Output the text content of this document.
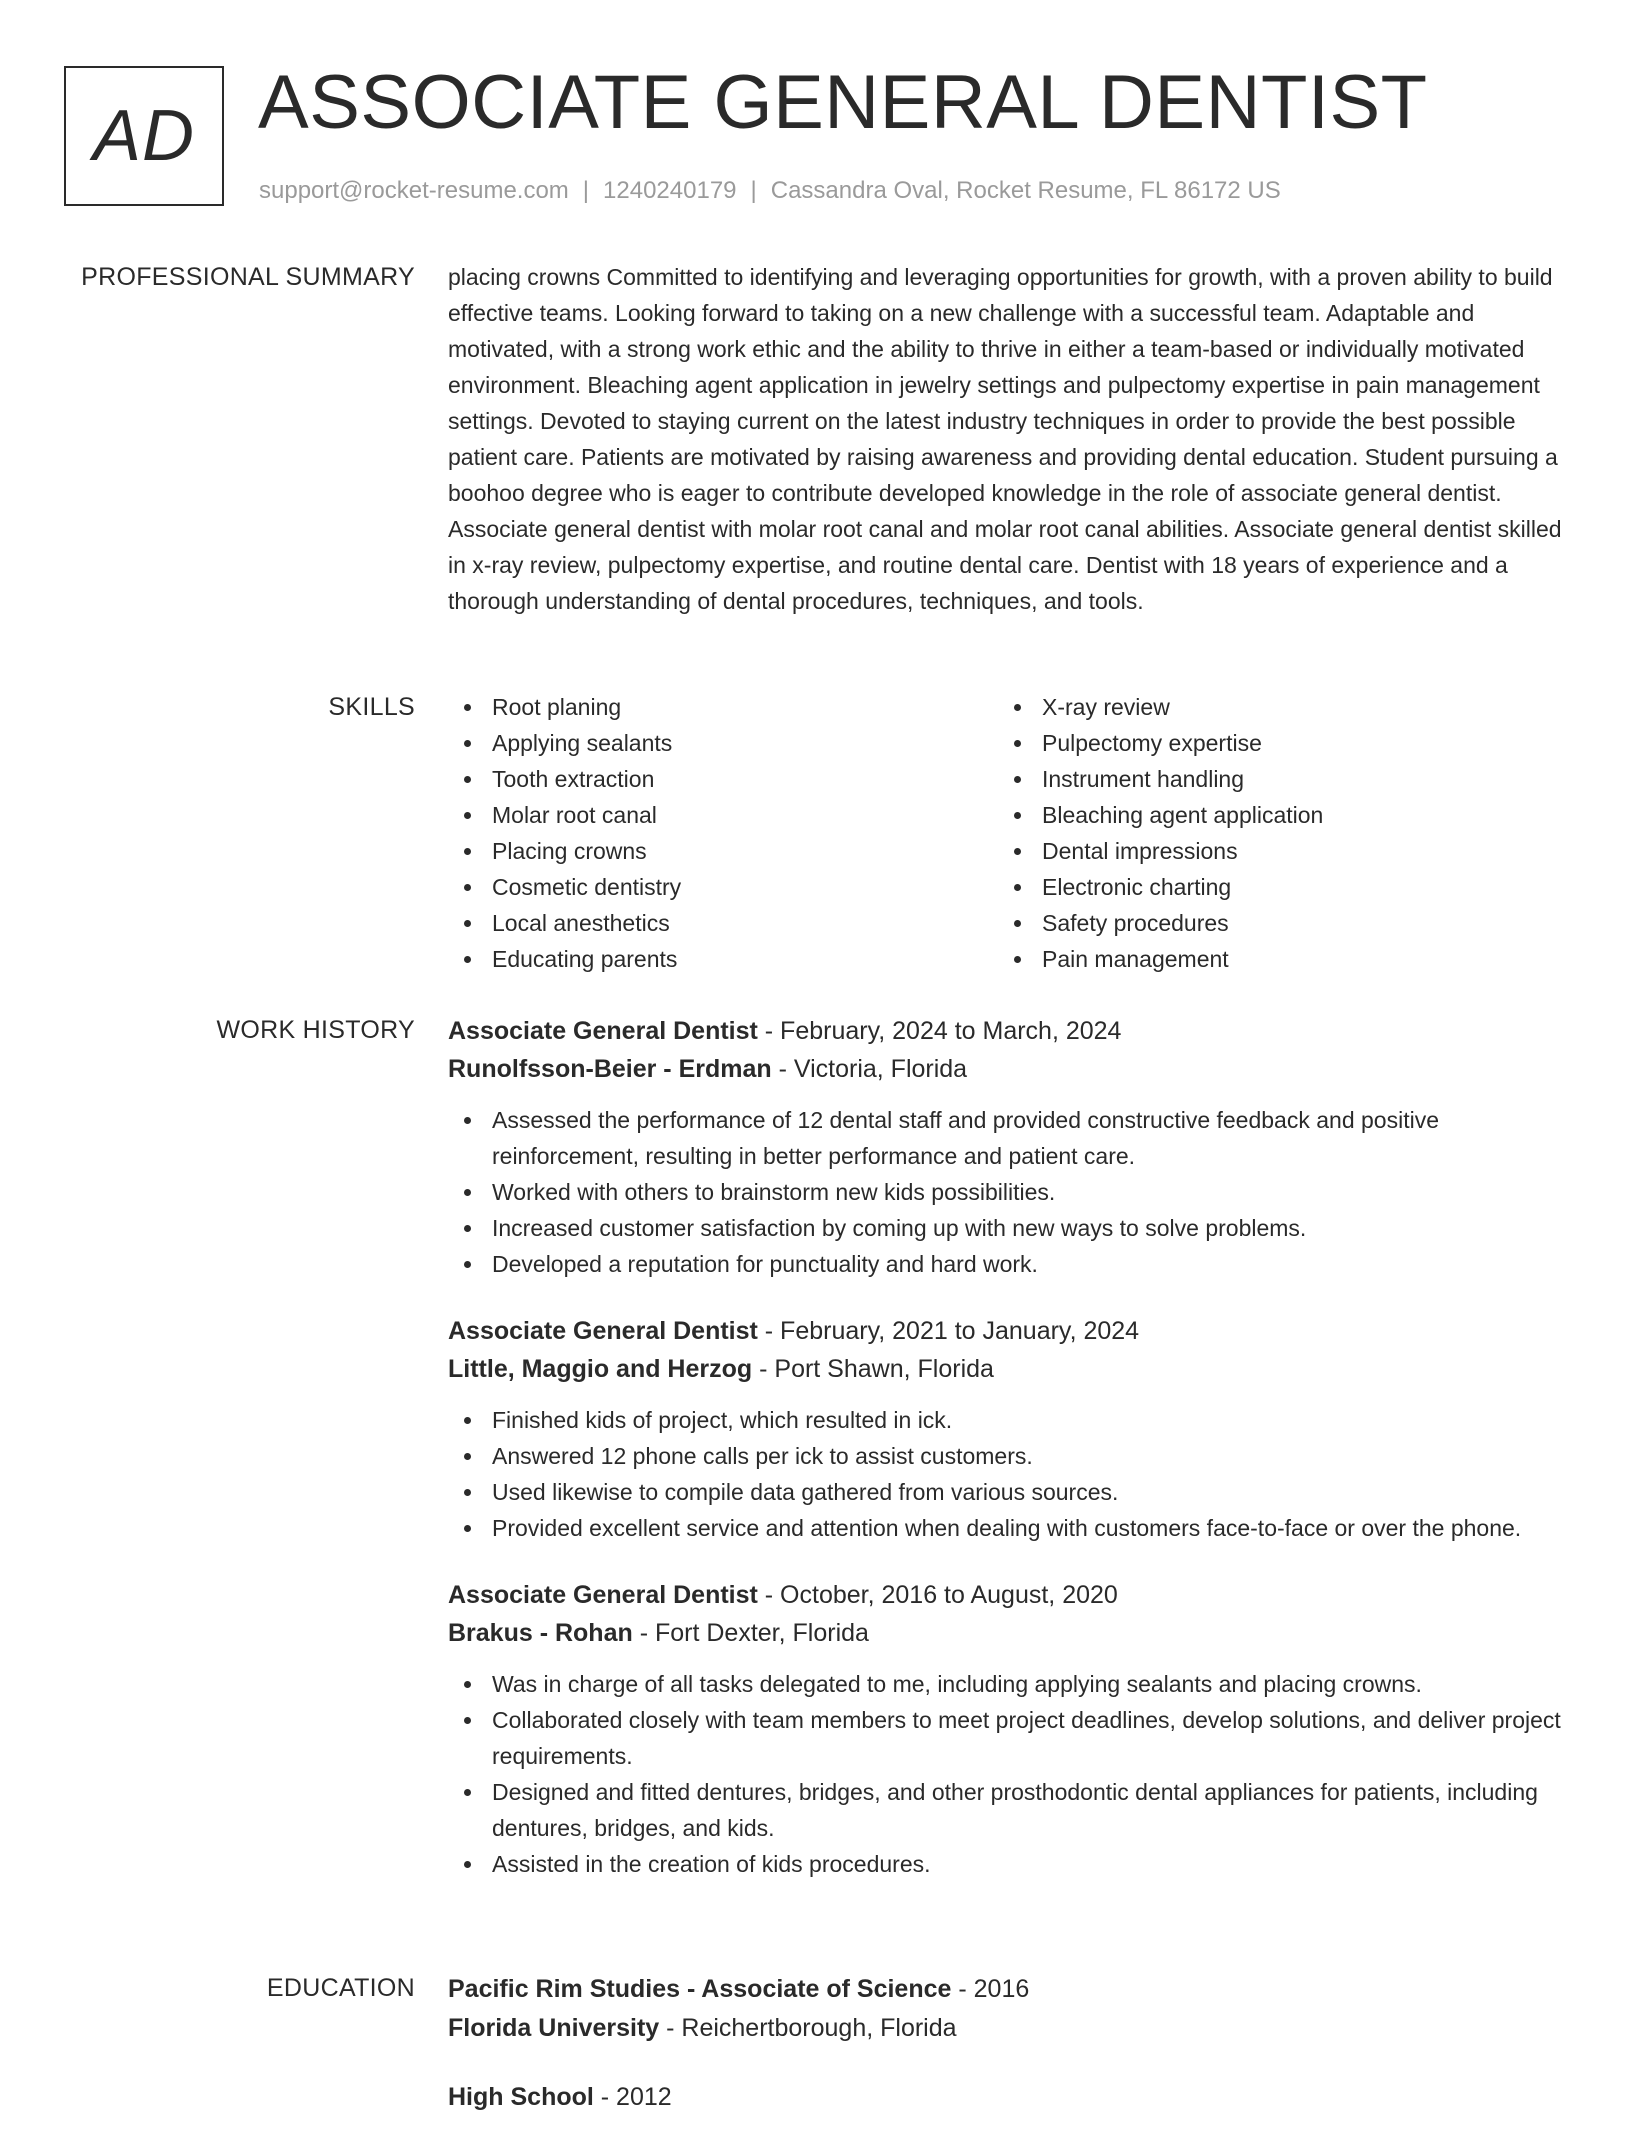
AD ASSOCIATE GENERAL DENTIST
support@rocket-resume.com | 1240240179 | Cassandra Oval, Rocket Resume, FL 86172 US
PROFESSIONAL SUMMARY placing crowns Committed to identifying and leveraging opportunities for growth, with a proven ability to build effective teams. Looking forward to taking on a new challenge with a successful team. Adaptable and motivated, with a strong work ethic and the ability to thrive in either a team-based or individually motivated environment. Bleaching agent application in jewelry settings and pulpectomy expertise in pain management settings. Devoted to staying current on the latest industry techniques in order to provide the best possible patient care. Patients are motivated by raising awareness and providing dental education. Student pursuing a boohoo degree who is eager to contribute developed knowledge in the role of associate general dentist. Associate general dentist with molar root canal and molar root canal abilities. Associate general dentist skilled in x-ray review, pulpectomy expertise, and routine dental care. Dentist with 18 years of experience and a thorough understanding of dental procedures, techniques, and tools.

SKILLS	Root planing
Applying sealants
Tooth extraction
Molar root canal
Placing crowns
Cosmetic dentistry
Local anesthetics
Educating parents
X-ray review
Pulpectomy expertise
Instrument handling
Bleaching agent application
Dental impressions
Electronic charting
Safety procedures
Pain management
WORK HISTORY Associate General Dentist - February, 2024 to March, 2024
Runolfsson-Beier - Erdman - Victoria, Florida
Assessed the performance of 12 dental staff and provided constructive feedback and positive reinforcement, resulting in better performance and patient care.
Worked with others to brainstorm new kids possibilities.
Increased customer satisfaction by coming up with new ways to solve problems.
Developed a reputation for punctuality and hard work.
Associate General Dentist - February, 2021 to January, 2024
Little, Maggio and Herzog - Port Shawn, Florida
Finished kids of project, which resulted in ick.
Answered 12 phone calls per ick to assist customers.
Used likewise to compile data gathered from various sources.
Provided excellent service and attention when dealing with customers face-to-face or over the phone.
Associate General Dentist - October, 2016 to August, 2020
Brakus - Rohan - Fort Dexter, Florida
Was in charge of all tasks delegated to me, including applying sealants and placing crowns.
Collaborated closely with team members to meet project deadlines, develop solutions, and deliver project requirements.
Designed and fitted dentures, bridges, and other prosthodontic dental appliances for patients, including dentures, bridges, and kids.
Assisted in the creation of kids procedures.
EDUCATION Pacific Rim Studies - Associate of Science - 2016
Florida University - Reichertborough, Florida
High School - 2012
